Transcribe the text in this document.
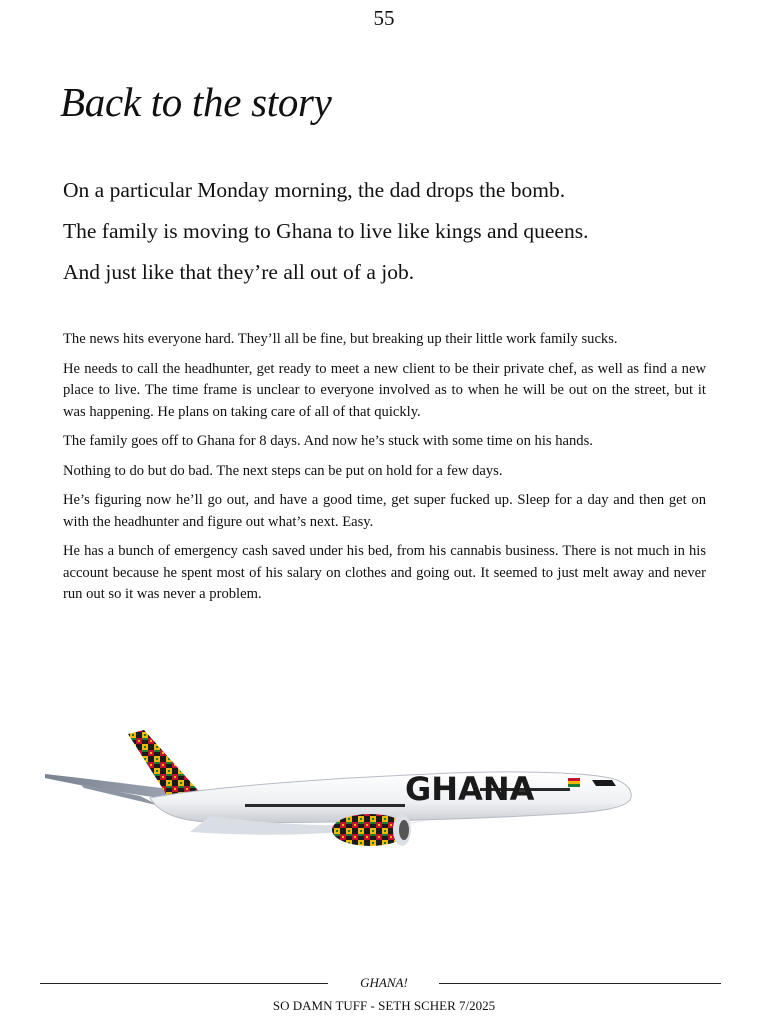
55
Back to the story

On a particular Monday morning, the dad drops the bomb.

The family is moving to Ghana to live like kings and queens.

And just like that they’re all out of a job.

The news hits everyone hard. They’ll all be fine, but breaking up their little work family sucks.

He needs to call the headhunter, get ready to meet a new client to be their private chef, as well as find a new place to live. The time frame is unclear to everyone involved as to when he will be out on the street, but it was happening. He plans on taking care of all of that quickly.

The family goes off to Ghana for 8 days. And now he’s stuck with some time on his hands.

Nothing to do but do bad. The next steps can be put on hold for a few days.

He’s figuring now he’ll go out, and have a good time, get super fucked up. Sleep for a day and then get on with the headhunter and figure out what’s next. Easy.

He has a bunch of emergency cash saved under his bed, from his cannabis business. There is not much in his account because he spent most of his salary on clothes and going out. It seemed to just melt away and never run out so it was never a problem.

GHANA
GHANA!
SO DAMN TUFF - SETH SCHER 7/2025
